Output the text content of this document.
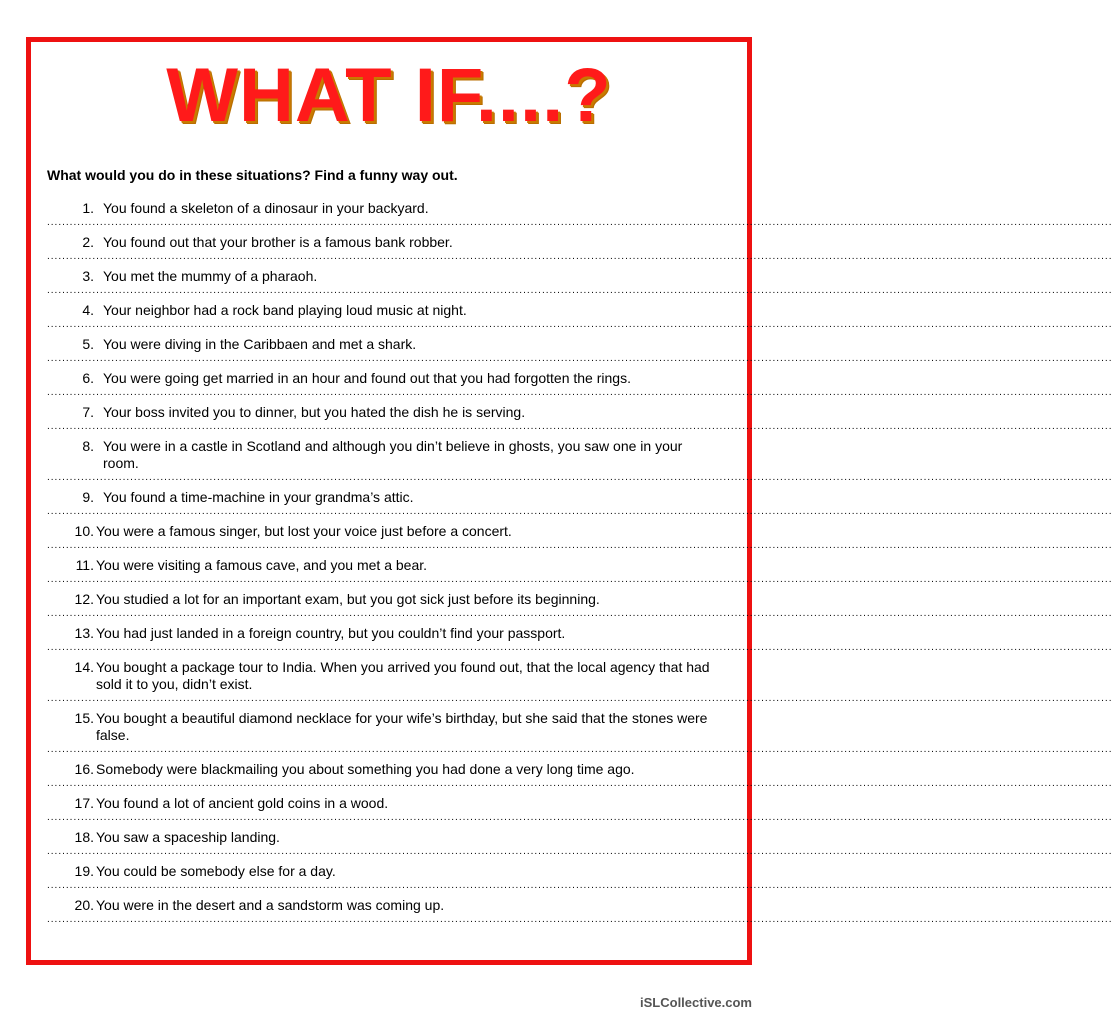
WHAT IF....?
What would you do in these situations? Find a funny way out.
1. You found a skeleton of a dinosaur in your backyard.
..........................................................................................................................................................................................................................................................................................
2. You found out that your brother is a famous bank robber.
..........................................................................................................................................................................................................................................................................................
3. You met the mummy of a pharaoh.
..........................................................................................................................................................................................................................................................................................
4. Your neighbor had a rock band playing loud music at night.
..........................................................................................................................................................................................................................................................................................
5. You were diving in the Caribbaen and met a shark.
..........................................................................................................................................................................................................................................................................................
6. You were going get married in an hour and found out that you had forgotten the rings.
..........................................................................................................................................................................................................................................................................................
7. Your boss invited you to dinner, but you hated the dish he is serving.
..........................................................................................................................................................................................................................................................................................
8. You were in a castle in Scotland and although you din’t believe in ghosts, you saw one in your room.
..........................................................................................................................................................................................................................................................................................
9. You found a time-machine in your grandma’s attic.
..........................................................................................................................................................................................................................................................................................
10. You were a famous singer, but lost your voice just before a concert.
..........................................................................................................................................................................................................................................................................................
11. You were visiting a famous cave, and you met a bear.
..........................................................................................................................................................................................................................................................................................
12. You studied a lot for an important exam, but you got sick just before its beginning.
..........................................................................................................................................................................................................................................................................................
13. You had just landed in a foreign country, but you couldn’t find your passport.
..........................................................................................................................................................................................................................................................................................
14. You bought a package tour to India. When you arrived you found out, that the local agency that had sold it to you, didn’t exist.
..........................................................................................................................................................................................................................................................................................
15. You bought a beautiful diamond necklace for your wife’s birthday, but she said that the stones were false.
..........................................................................................................................................................................................................................................................................................
16. Somebody were blackmailing you about something you had done a very long time ago.
..........................................................................................................................................................................................................................................................................................
17. You found a lot of ancient gold coins in a wood.
..........................................................................................................................................................................................................................................................................................
18. You saw a spaceship landing.
..........................................................................................................................................................................................................................................................................................
19. You could be somebody else for a day.
..........................................................................................................................................................................................................................................................................................
20. You were in the desert and a sandstorm was coming up.
..........................................................................................................................................................................................................................................................................................
iSLCollective.com
